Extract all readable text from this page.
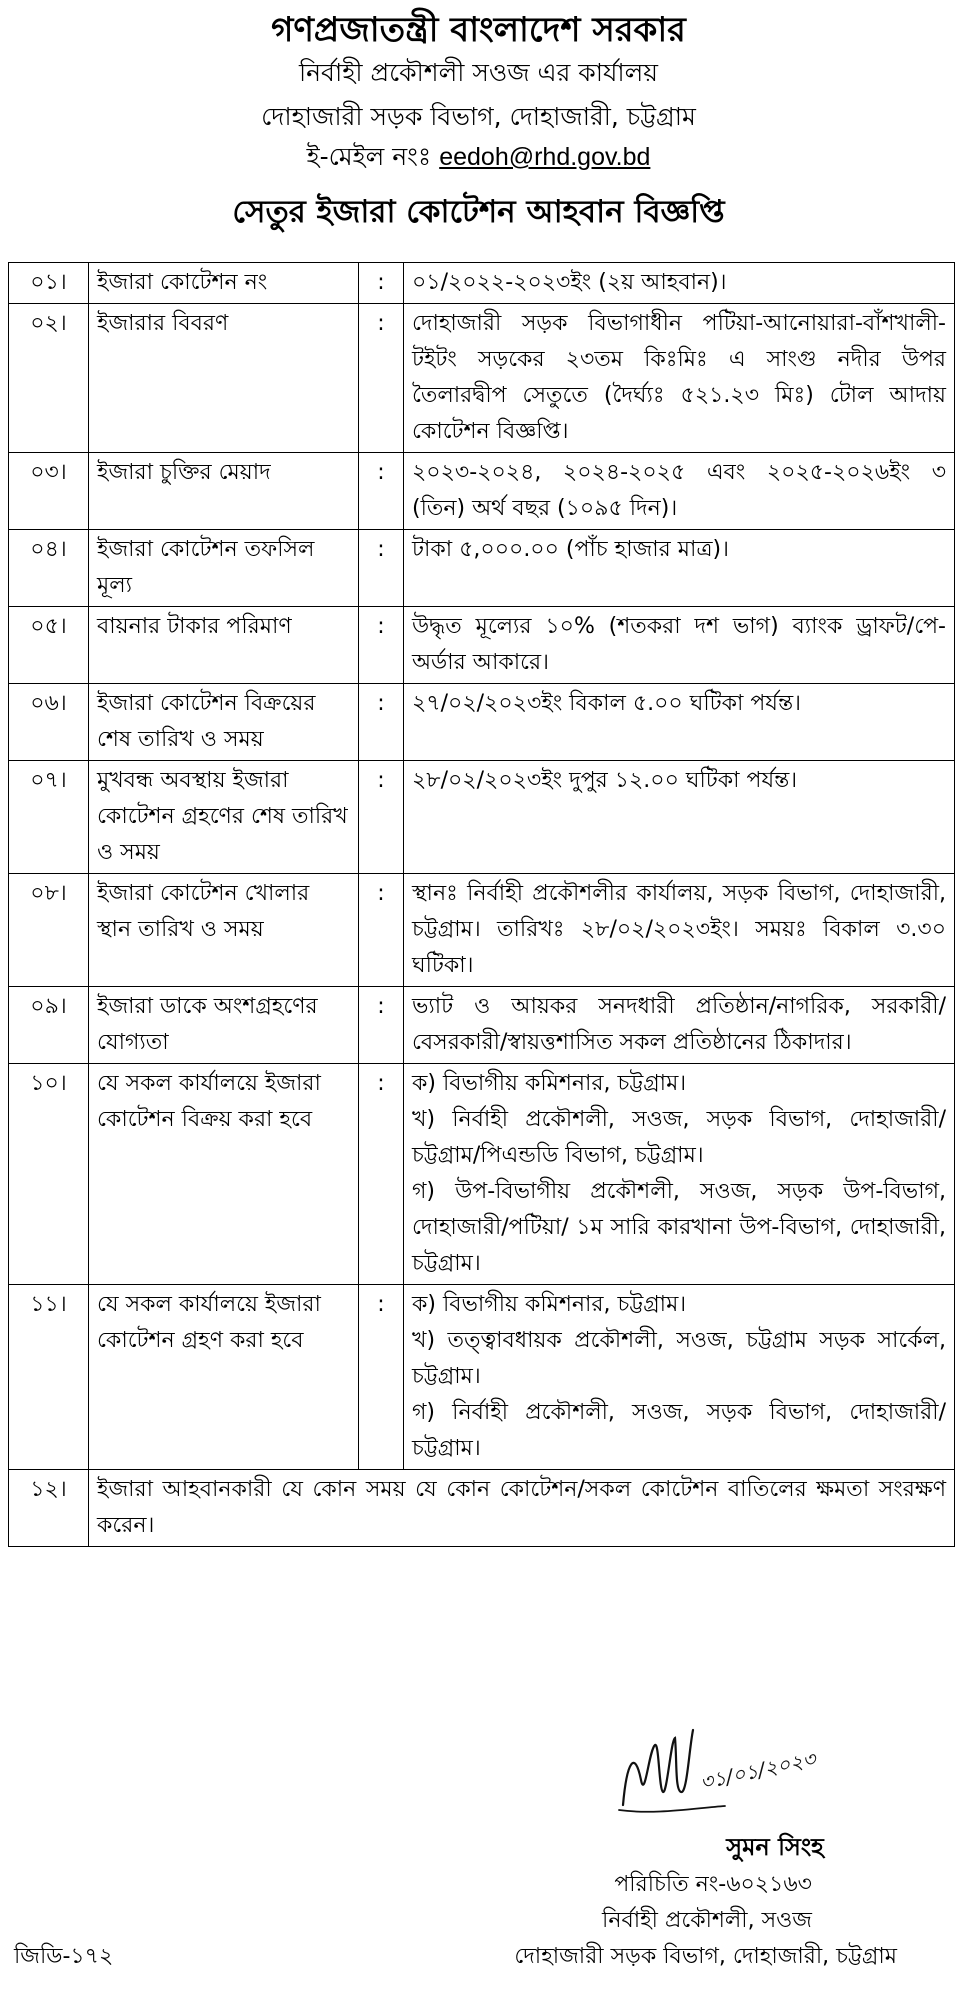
গণপ্রজাতন্ত্রী বাংলাদেশ সরকার
নির্বাহী প্রকৌশলী সওজ এর কার্যালয়
দোহাজারী সড়ক বিভাগ, দোহাজারী, চট্টগ্রাম
ই-মেইল নংঃ eedoh@rhd.gov.bd
সেতুর ইজারা কোটেশন আহবান বিজ্ঞপ্তি
০১।	ইজারা কোটেশন নং	:	০১/২০২২-২০২৩ইং (২য় আহবান)।
০২।	ইজারার বিবরণ	:	দোহাজারী সড়ক বিভাগাধীন পটিয়া-আনোয়ারা-বাঁশখালী-টইটং সড়কের ২৩তম কিঃমিঃ এ সাংগু নদীর উপর তৈলারদ্বীপ সেতুতে (দৈর্ঘ্যঃ ৫২১.২৩ মিঃ) টোল আদায় কোটেশন বিজ্ঞপ্তি।
০৩।	ইজারা চুক্তির মেয়াদ	:	২০২৩-২০২৪, ২০২৪-২০২৫ এবং ২০২৫-২০২৬ইং ৩ (তিন) অর্থ বছর (১০৯৫ দিন)।
০৪।	ইজারা কোটেশন তফসিল মূল্য	:	টাকা ৫,০০০.০০ (পাঁচ হাজার মাত্র)।
০৫।	বায়নার টাকার পরিমাণ	:	উদ্ধৃত মূল্যের ১০% (শতকরা দশ ভাগ) ব্যাংক ড্রাফট/পে-অর্ডার আকারে।
০৬।	ইজারা কোটেশন বিক্রয়ের শেষ তারিখ ও সময়	:	২৭/০২/২০২৩ইং বিকাল ৫.০০ ঘটিকা পর্যন্ত।
০৭।	মুখবন্ধ অবস্থায় ইজারা কোটেশন গ্রহণের শেষ তারিখ ও সময়	:	২৮/০২/২০২৩ইং দুপুর ১২.০০ ঘটিকা পর্যন্ত।
০৮।	ইজারা কোটেশন খোলার স্থান তারিখ ও সময়	:	স্থানঃ নির্বাহী প্রকৌশলীর কার্যালয়, সড়ক বিভাগ, দোহাজারী, চট্টগ্রাম। তারিখঃ ২৮/০২/২০২৩ইং। সময়ঃ বিকাল ৩.৩০ ঘটিকা।
০৯।	ইজারা ডাকে অংশগ্রহণের যোগ্যতা	:	ভ্যাট ও আয়কর সনদধারী প্রতিষ্ঠান/নাগরিক, সরকারী/বেসরকারী/স্বায়ত্তশাসিত সকল প্রতিষ্ঠানের ঠিকাদার।
১০।	যে সকল কার্যালয়ে ইজারা কোটেশন বিক্রয় করা হবে	:	ক) বিভাগীয় কমিশনার, চট্টগ্রাম।
খ) নির্বাহী প্রকৌশলী, সওজ, সড়ক বিভাগ, দোহাজারী/চট্টগ্রাম/পিএন্ডডি বিভাগ, চট্টগ্রাম।
গ) উপ-বিভাগীয় প্রকৌশলী, সওজ, সড়ক উপ-বিভাগ, দোহাজারী/পটিয়া/ ১ম সারি কারখানা উপ-বিভাগ, দোহাজারী, চট্টগ্রাম।

১১।	যে সকল কার্যালয়ে ইজারা কোটেশন গ্রহণ করা হবে	:	ক) বিভাগীয় কমিশনার, চট্টগ্রাম।
খ) তত্ত্বাবধায়ক প্রকৌশলী, সওজ, চট্টগ্রাম সড়ক সার্কেল, চট্টগ্রাম।
গ) নির্বাহী প্রকৌশলী, সওজ, সড়ক বিভাগ, দোহাজারী/চট্টগ্রাম।

১২।	ইজারা আহবানকারী যে কোন সময় যে কোন কোটেশন/সকল কোটেশন বাতিলের ক্ষমতা সংরক্ষণ করেন।		
৩১/০১/২০২৩
সুমন সিংহ
পরিচিতি নং-৬০২১৬৩
নির্বাহী প্রকৌশলী, সওজ
দোহাজারী সড়ক বিভাগ, দোহাজারী, চট্টগ্রাম
জিডি-১৭২
